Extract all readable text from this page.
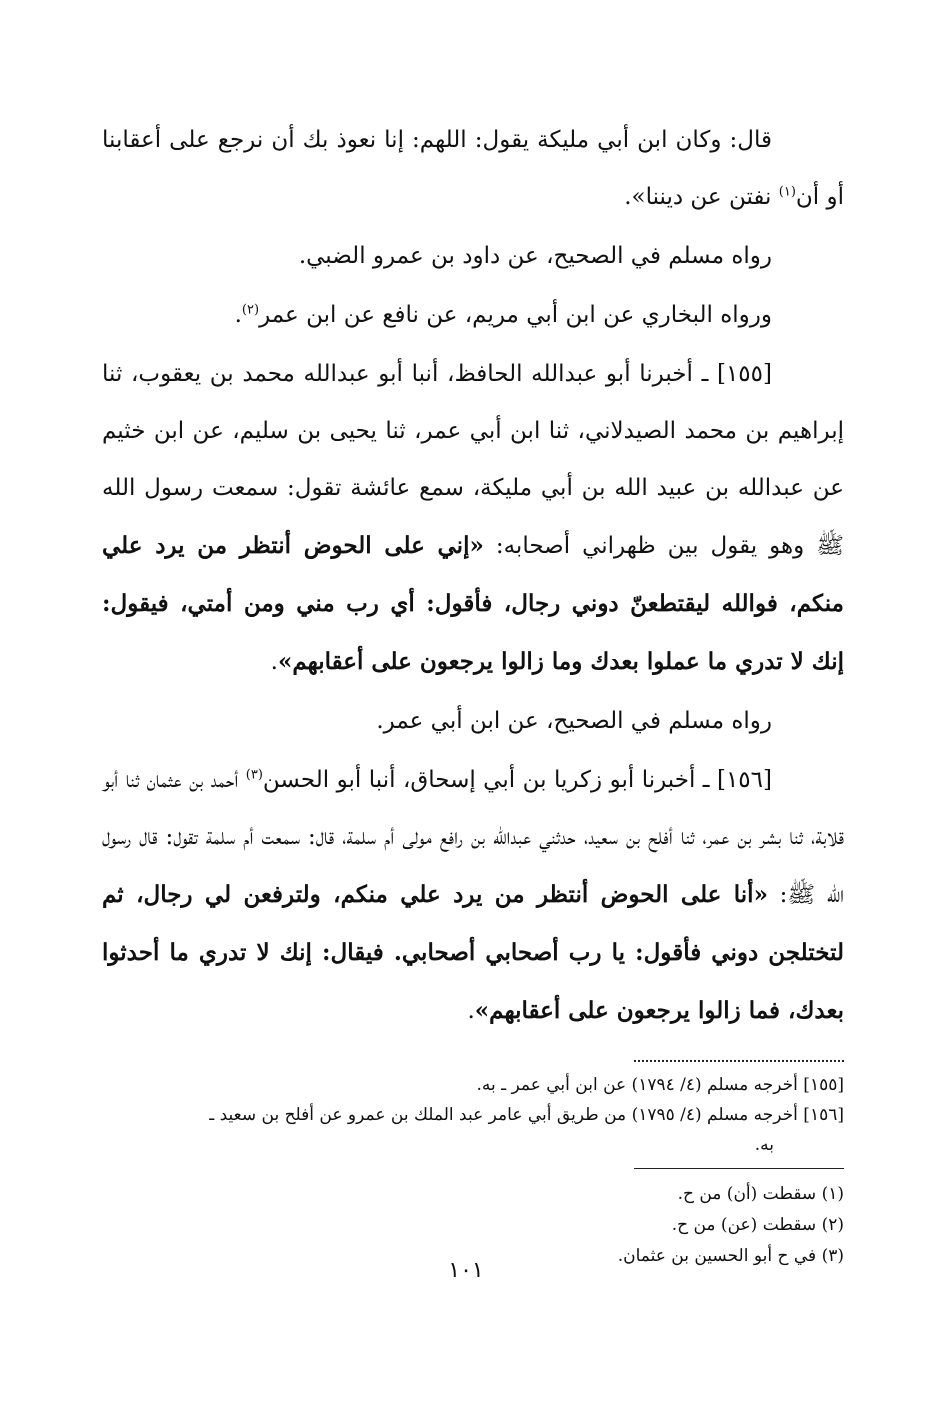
قال: وكان ابن أبي مليكة يقول: اللهم: إنا نعوذ بك أن نرجع على أعقابنا أو أن$^{(١)}$ نفتن عن ديننا».

رواه مسلم في الصحيح، عن داود بن عمرو الضبي.

ورواه البخاري عن ابن أبي مريم، عن نافع عن ابن عمر$^{(٢)}$.

[١٥٥] ـ أخبرنا أبو عبدالله الحافظ، أنبا أبو عبدالله محمد بن يعقوب، ثنا إبراهيم بن محمد الصيدلاني، ثنا ابن أبي عمر، ثنا يحيى بن سليم، عن ابن خثيم عن عبدالله بن عبيد الله بن أبي مليكة، سمع عائشة تقول: سمعت رسول الله ﷺ وهو يقول بين ظهراني أصحابه: «إني على الحوض أنتظر من يرد علي منكم، فوالله ليقتطعنّ دوني رجال، فأقول: أي رب مني ومن أمتي، فيقول: إنك لا تدري ما عملوا بعدك وما زالوا يرجعون على أعقابهم».

رواه مسلم في الصحيح، عن ابن أبي عمر.

[١٥٦] ـ أخبرنا أبو زكريا بن أبي إسحاق، أنبا أبو الحسن$^{(٣)}$ أحمد بن عثمان ثنا أبو قلابة، ثنا بشر بن عمر، ثنا أفلح بن سعيد، حدثني عبدالله بن رافع مولى أم سلمة، قال: سمعت أم سلمة تقول: قال رسول الله ﷺ: «أنا على الحوض أنتظر من يرد علي منكم، ولترفعن لي رجال، ثم لتختلجن دوني فأقول: يا رب أصحابي أصحابي. فيقال: إنك لا تدري ما أحدثوا بعدك، فما زالوا يرجعون على أعقابهم».

[١٥٥] أخرجه مسلم (٤/ ١٧٩٤) عن ابن أبي عمر ـ به.

[١٥٦] أخرجه مسلم (٤/ ١٧٩٥) من طريق أبي عامر عبد الملك بن عمرو عن أفلح بن سعيد ـ

به.

(١) سقطت (أن) من ح.

(٢) سقطت (عن) من ح.

(٣) في ح أبو الحسين بن عثمان.

١٠١
